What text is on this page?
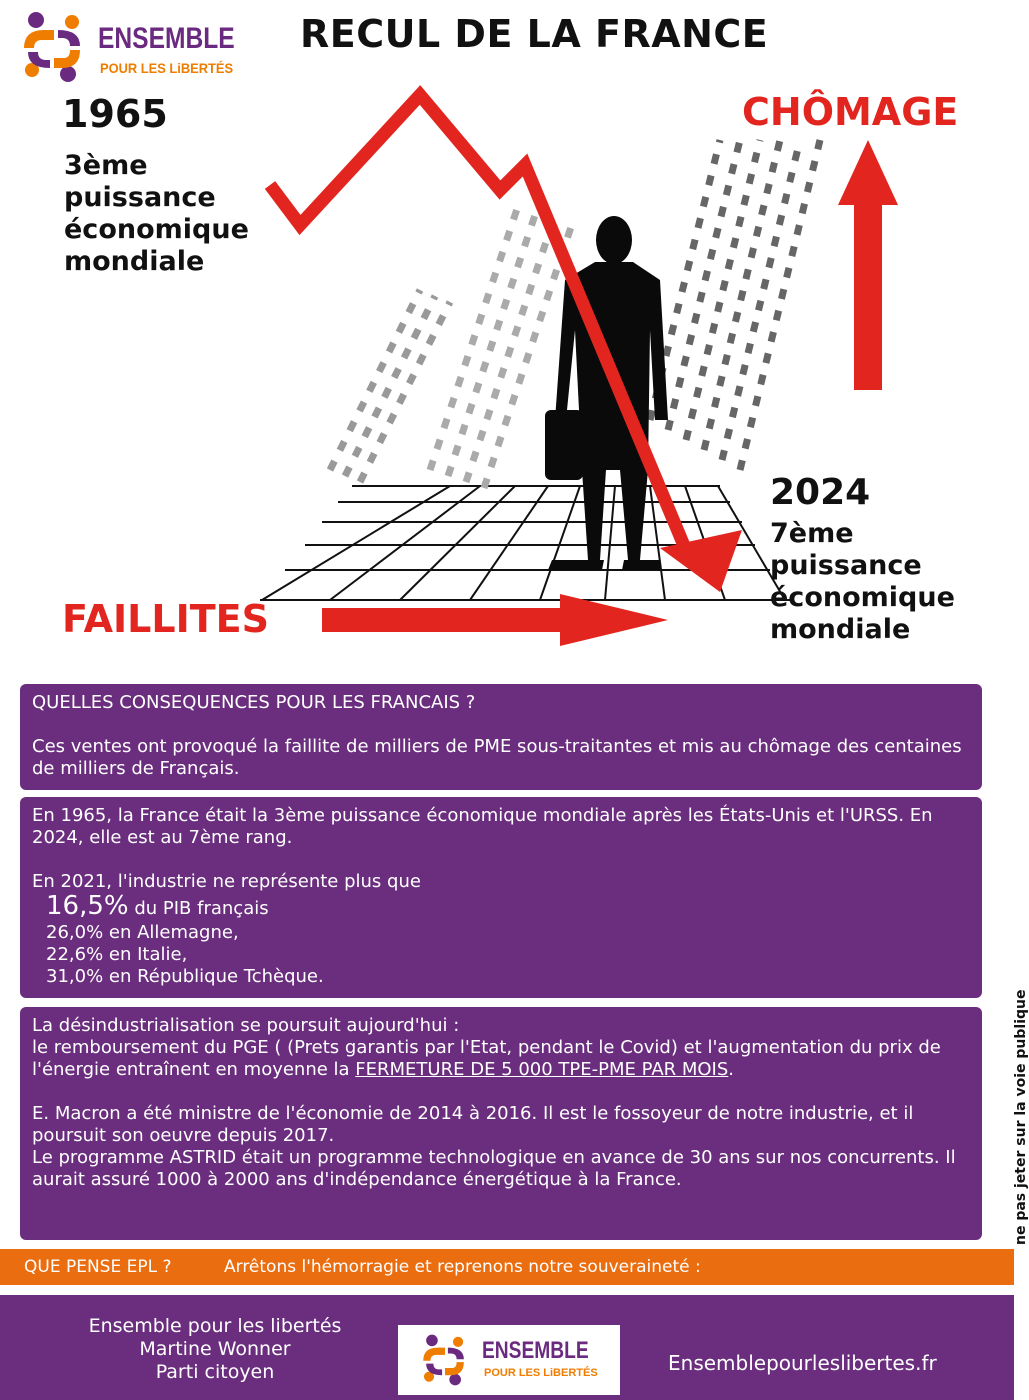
ENSEMBLE
POUR LES LiBERTÉS
RECUL DE LA FRANCE
1965
3ème
puissance
économique
mondiale
CHÔMAGE
FAILLITES
2024
7ème
puissance
économique
mondiale

QUELLES CONSEQUENCES POUR LES FRANCAIS ?

Ces ventes ont provoqué la faillite de milliers de PME sous-traitantes et mis au chômage des centaines de milliers de Français.

En 1965, la France était la 3ème puissance économique mondiale après les États-Unis et l'URSS. En 2024, elle est au 7ème rang.

En 2021, l'industrie ne représente plus que

16,5% du PIB français

26,0% en Allemagne,

22,6% en Italie,

31,0% en République Tchèque.

La désindustrialisation se poursuit aujourd'hui :

le remboursement du PGE ( (Prets garantis par l'Etat, pendant le Covid) et l'augmentation du prix de l'énergie entraînent en moyenne la FERMETURE DE 5 000 TPE-PME PAR MOIS.

E. Macron a été ministre de l'économie de 2014 à 2016. Il est le fossoyeur de notre industrie, et il poursuit son oeuvre depuis 2017.

Le programme ASTRID était un programme technologique en avance de 30 ans sur nos concurrents. Il aurait assuré 1000 à 2000 ans d'indépendance énergétique à la France.	ne pas jeter sur la voie publique
QUE PENSE EPL ?	Arrêtons l'hémorragie et reprenons notre souveraineté :
Ensemble pour les libertés
Martine Wonner
Parti citoyen
ENSEMBLE
POUR LES LiBERTÉS	Ensemblepourleslibertes.fr
